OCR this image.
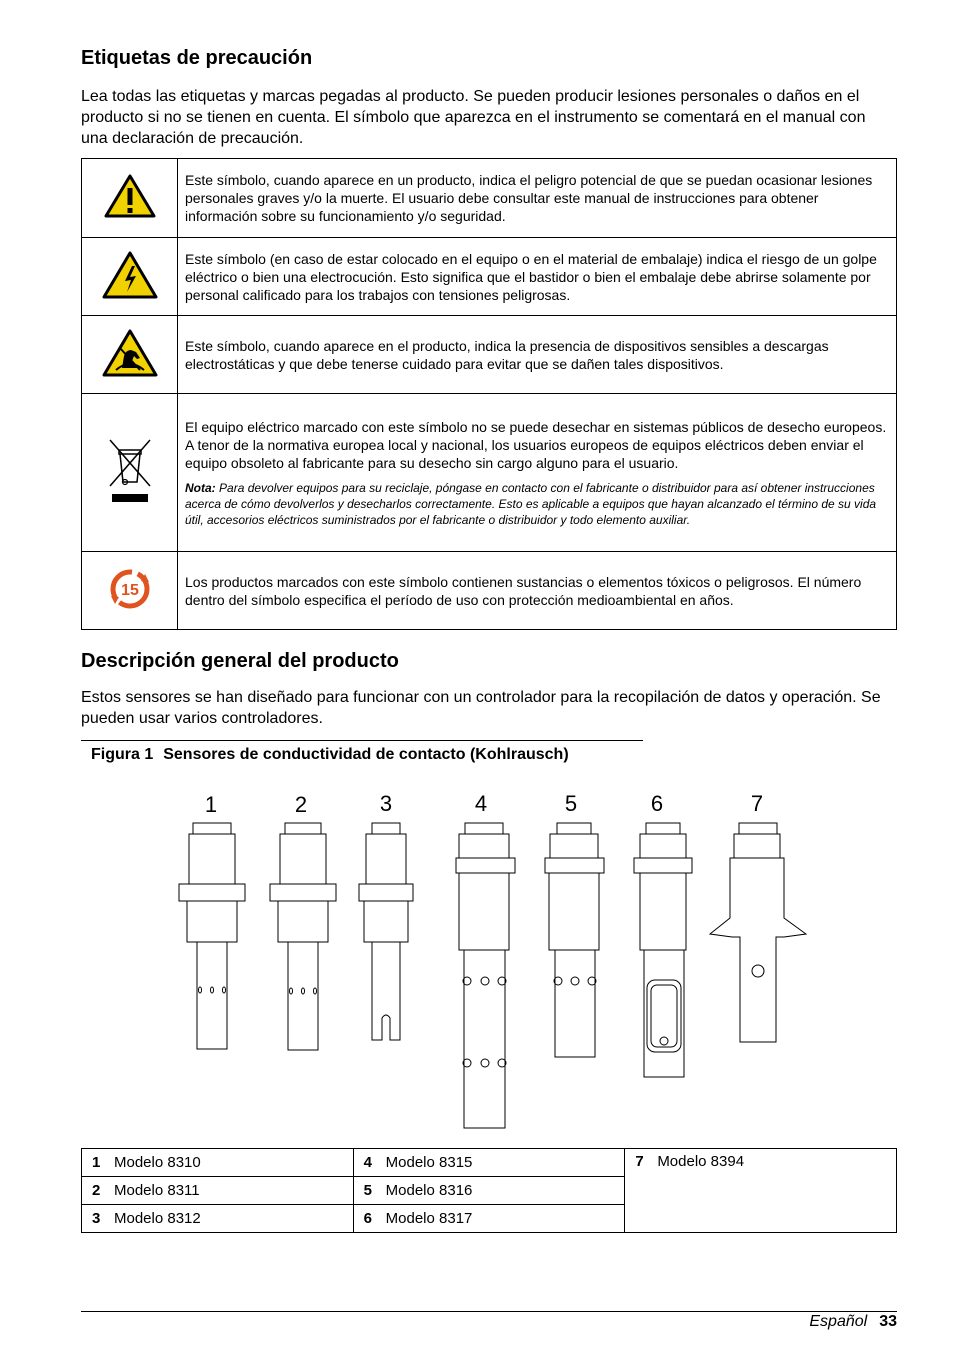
Etiquetas de precaución

Lea todas las etiquetas y marcas pegadas al producto. Se pueden producir lesiones personales o daños en el producto si no se tienen en cuenta. El símbolo que aparezca en el instrumento se comentará en el manual con una declaración de precaución.

	Este símbolo, cuando aparece en un producto, indica el peligro potencial de que se puedan ocasionar lesiones personales graves y/o la muerte. El usuario debe consultar este manual de instrucciones para obtener información sobre su funcionamiento y/o seguridad.
	Este símbolo (en caso de estar colocado en el equipo o en el material de embalaje) indica el riesgo de un golpe eléctrico o bien una electrocución. Esto significa que el bastidor o bien el embalaje debe abrirse solamente por personal calificado para los trabajos con tensiones peligrosas.
	Este símbolo, cuando aparece en el producto, indica la presencia de dispositivos sensibles a descargas electrostáticas y que debe tenerse cuidado para evitar que se dañen tales dispositivos.

El equipo eléctrico marcado con este símbolo no se puede desechar en sistemas públicos de desecho europeos. A tenor de la normativa europea local y nacional, los usuarios europeos de equipos eléctricos deben enviar el equipo obsoleto al fabricante para su desecho sin cargo alguno para el usuario.
Nota: Para devolver equipos para su reciclaje, póngase en contacto con el fabricante o distribuidor para así obtener instrucciones acerca de cómo devolverlos y desecharlos correctamente. Esto es aplicable a equipos que hayan alcanzado el término de su vida útil, accesorios eléctricos suministrados por el fabricante o distribuidor y todo elemento auxiliar.

15	Los productos marcados con este símbolo contienen sustancias o elementos tóxicos o peligrosos. El número dentro del símbolo especifica el período de uso con protección medioambiental en años.
Descripción general del producto

Estos sensores se han diseñado para funcionar con un controlador para la recopilación de datos y operación. Se pueden usar varios controladores.

Figura 1 Sensores de conductividad de contacto (Kohlrausch)
1	2	3	4	5	6	7
1 Modelo 8310	4 Modelo 8315	7 Modelo 8394
2 Modelo 8311	5 Modelo 8316	
3 Modelo 8312	6 Modelo 8317	
Español 33
